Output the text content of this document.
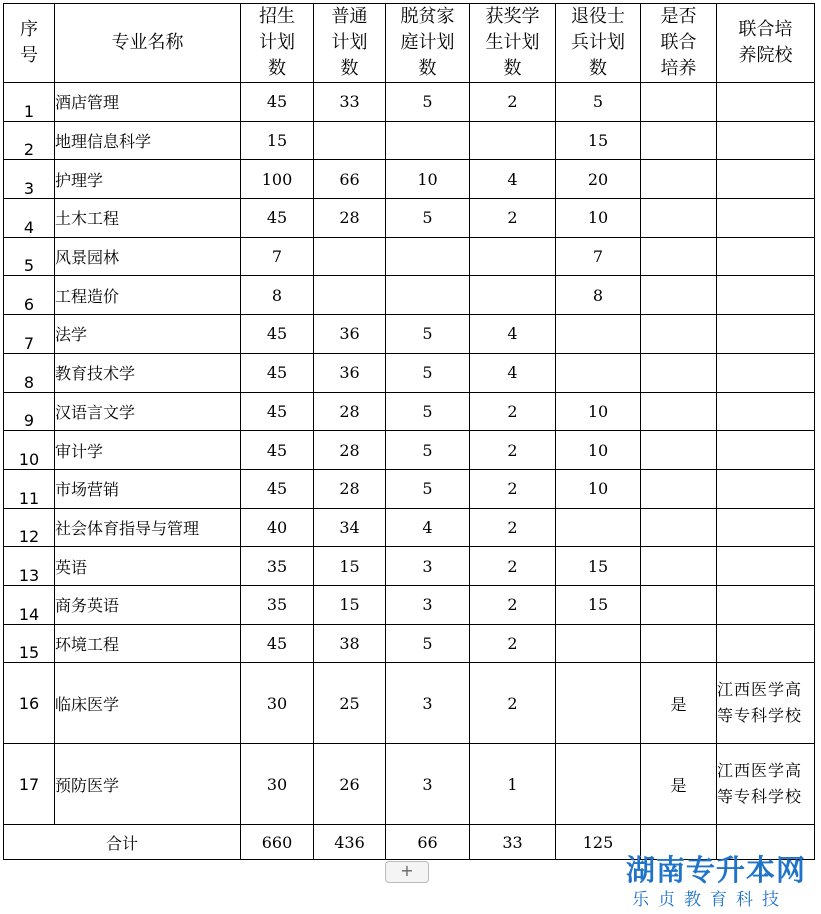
序
号	专业名称	招生
计划
数	普通
计划
数	脱贫家
庭计划
数	获奖学
生计划
数	退役士
兵计划
数	是否
联合
培养	联合培
养院校

1	酒店管理	45	33	5	2	5		
2	地理信息科学	15				15		
3	护理学	100	66	10	4	20		
4	土木工程	45	28	5	2	10		
5	风景园林	7				7		
6	工程造价	8				8		
7	法学	45	36	5	4			
8	教育技术学	45	36	5	4			
9	汉语言文学	45	28	5	2	10		
10	审计学	45	28	5	2	10		
11	市场营销	45	28	5	2	10		
12	社会体育指导与管理	40	34	4	2			
13	英语	35	15	3	2	15		
14	商务英语	35	15	3	2	15		
15	环境工程	45	38	5	2			
16	临床医学	30	25	3	2		是	江西医学高等专科学校
17	预防医学	30	26	3	1		是	江西医学高等专科学校
合计		660	436	66	33	125		
+	湖南专升本网
乐贞教育科技
